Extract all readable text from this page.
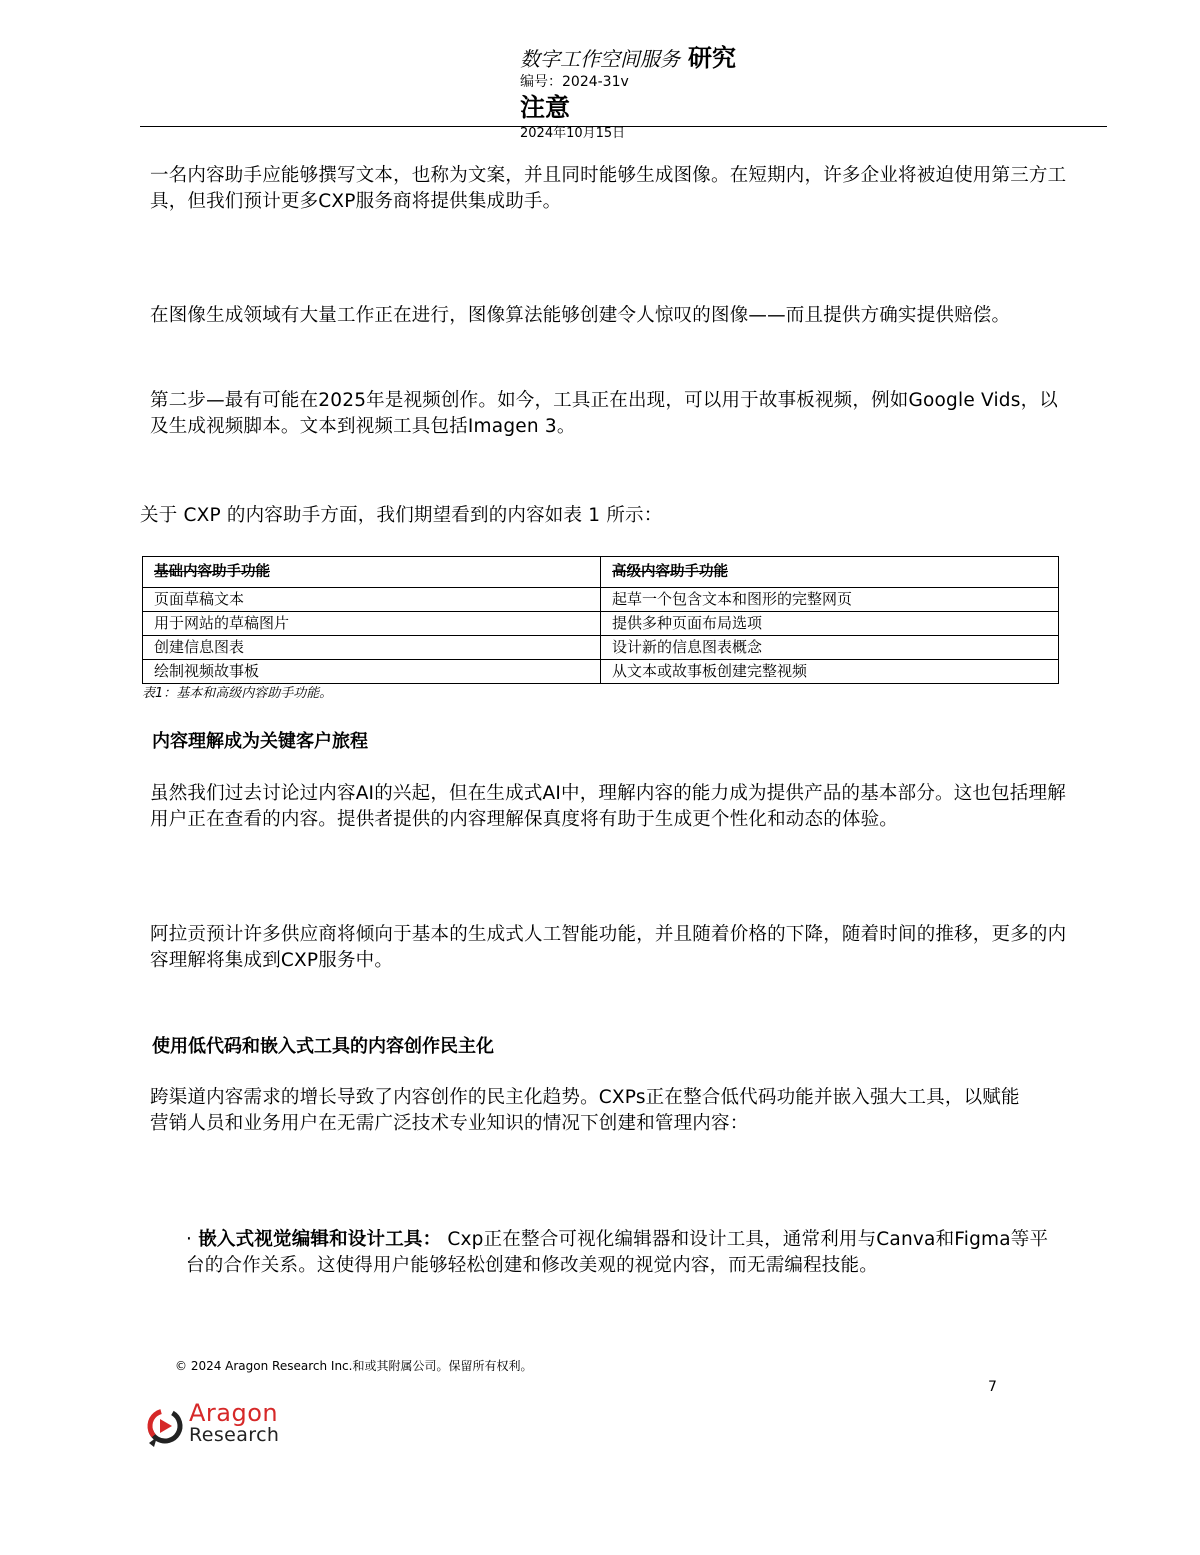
数字工作空间服务 研究
编号：2024-31v
注意
2024年10月15日
一名内容助手应能够撰写文本，也称为文案，并且同时能够生成图像。在短期内，许多企业将被迫使用第三方工具，但我们预计更多CXP服务商将提供集成助手。
在图像生成领域有大量工作正在进行，图像算法能够创建令人惊叹的图像——而且提供方确实提供赔偿。
第二步—最有可能在2025年是视频创作。如今，工具正在出现，可以用于故事板视频，例如Google Vids，以及生成视频脚本。文本到视频工具包括Imagen 3。
关于 CXP 的内容助手方面，我们期望看到的内容如表 1 所示：
基础内容助手功能	高级内容助手功能
页面草稿文本	起草一个包含文本和图形的完整网页
用于网站的草稿图片	提供多种页面布局选项
创建信息图表	设计新的信息图表概念
绘制视频故事板	从文本或故事板创建完整视频
表1：基本和高级内容助手功能。
内容理解成为关键客户旅程
虽然我们过去讨论过内容AI的兴起，但在生成式AI中，理解内容的能力成为提供产品的基本部分。这也包括理解用户正在查看的内容。提供者提供的内容理解保真度将有助于生成更个性化和动态的体验。
阿拉贡预计许多供应商将倾向于基本的生成式人工智能功能，并且随着价格的下降，随着时间的推移，更多的内容理解将集成到CXP服务中。
使用低代码和嵌入式工具的内容创作民主化
跨渠道内容需求的增长导致了内容创作的民主化趋势。CXPs正在整合低代码功能并嵌入强大工具，以赋能营销人员和业务用户在无需广泛技术专业知识的情况下创建和管理内容：
· 嵌入式视觉编辑和设计工具： Cxp正在整合可视化编辑器和设计工具，通常利用与Canva和Figma等平台的合作关系。这使得用户能够轻松创建和修改美观的视觉内容，而无需编程技能。
© 2024 Aragon Research Inc.和或其附属公司。保留所有权利。
7
Aragon
Research
